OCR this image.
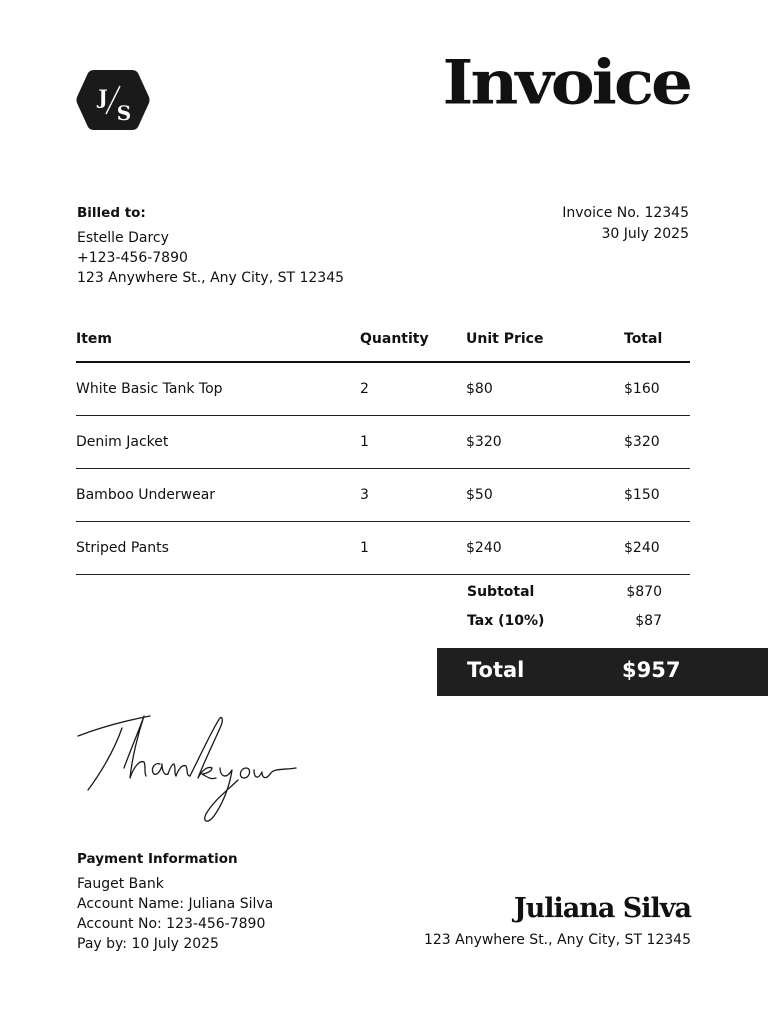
J
S	Invoice
Billed to:
Estelle Darcy
+123-456-7890
123 Anywhere St., Any City, ST 12345
Invoice No. 12345
30 July 2025
Item	Quantity	Unit Price	Total
White Basic Tank Top	2	$80	$160
Denim Jacket	1	$320	$320
Bamboo Underwear	3	$50	$150
Striped Pants	1	$240	$240
Subtotal	$870
Tax (10%)	$87
Total	$957
Payment Information
Fauget Bank
Account Name: Juliana Silva
Account No: 123-456-7890
Pay by: 10 July 2025
Juliana Silva
123 Anywhere St., Any City, ST 12345
